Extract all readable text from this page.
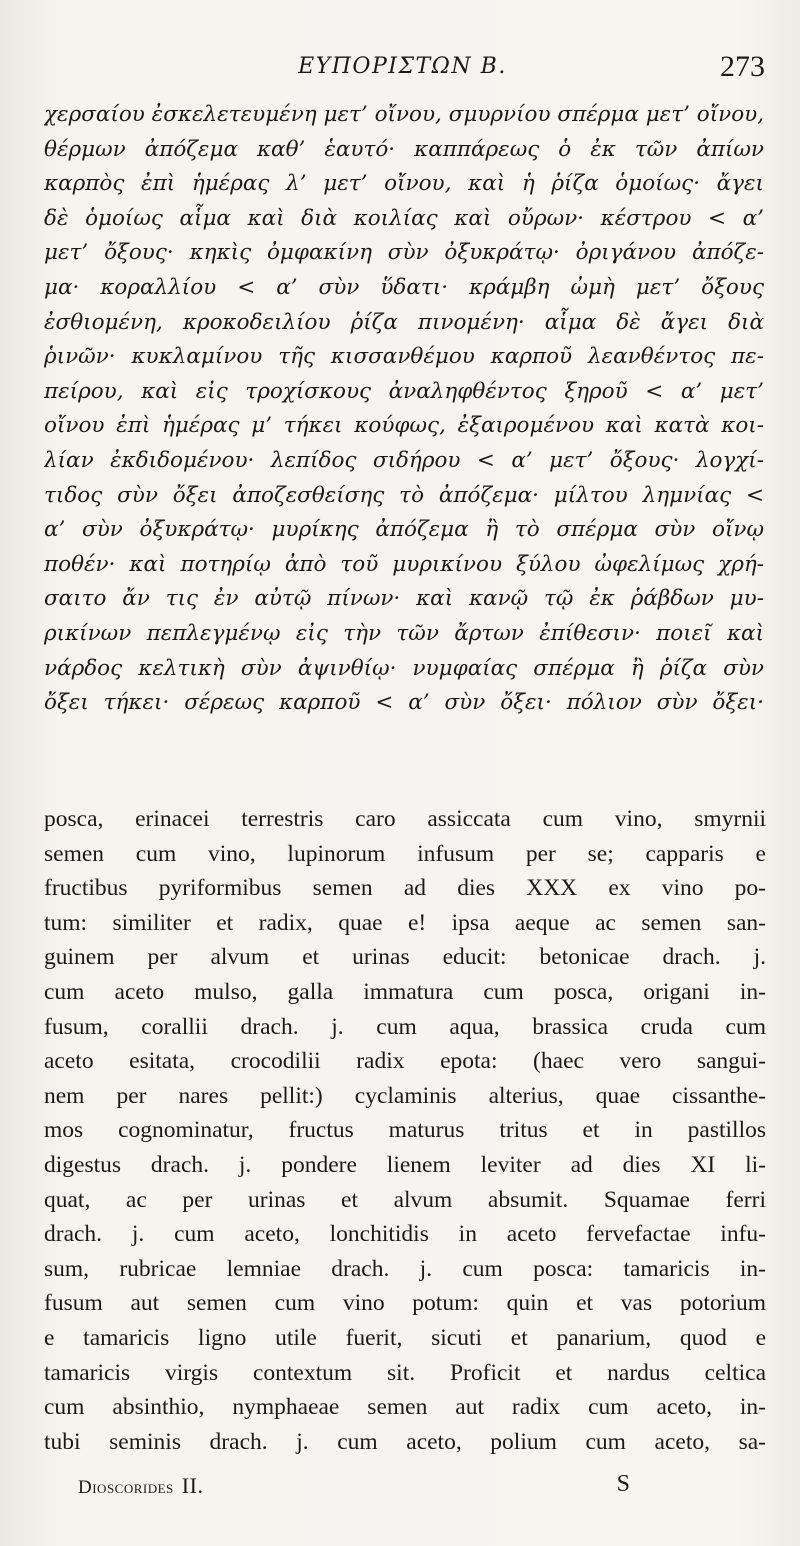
ΕΥΠΟΡΙΣΤΩΝ Β.	273
χερσαίου ἐσκελετευμένη μετ’ οἴνου, σμυρνίου σπέρμα μετ’ οἴνου,
θέρμων ἀπόζεμα καθ’ ἑαυτό· καππάρεως ὁ ἐκ τῶν ἀπίων
καρπὸς ἐπὶ ἡμέρας λ’ μετ’ οἴνου, καὶ ἡ ῥίζα ὁμοίως· ἄγει
δὲ ὁμοίως αἷμα καὶ διὰ κοιλίας καὶ οὔρων· κέστρου < α’
μετ’ ὄξους· κηκὶς ὀμφακίνη σὺν ὀξυκράτῳ· ὀριγάνου ἀπόζε-
μα· κοραλλίου < α’ σὺν ὕδατι· κράμβη ὠμὴ μετ’ ὄξους
ἐσθιομένη, κροκοδειλίου ῥίζα πινομένη· αἷμα δὲ ἄγει διὰ
ῥινῶν· κυκλαμίνου τῆς κισσανθέμου καρποῦ λεανθέντος πε-
πείρου, καὶ εἰς τροχίσκους ἀναληφθέντος ξηροῦ < α’ μετ’
οἴνου ἐπὶ ἡμέρας μ’ τήκει κούφως, ἐξαιρομένου καὶ κατὰ κοι-
λίαν ἐκδιδομένου· λεπίδος σιδήρου < α’ μετ’ ὄξους· λογχί-
τιδος σὺν ὄξει ἀποζεσθείσης τὸ ἀπόζεμα· μίλτου λημνίας <
α’ σὺν ὀξυκράτῳ· μυρίκης ἀπόζεμα ἢ τὸ σπέρμα σὺν οἴνῳ
ποθέν· καὶ ποτηρίῳ ἀπὸ τοῦ μυρικίνου ξύλου ὠφελίμως χρή-
σαιτο ἄν τις ἐν αὐτῷ πίνων· καὶ κανῷ τῷ ἐκ ῥάβδων μυ-
ρικίνων πεπλεγμένῳ εἰς τὴν τῶν ἄρτων ἐπίθεσιν· ποιεῖ καὶ
νάρδος κελτικὴ σὺν ἀψινθίῳ· νυμφαίας σπέρμα ἢ ῥίζα σὺν
ὄξει τήκει· σέρεως καρποῦ < α’ σὺν ὄξει· πόλιον σὺν ὄξει·
posca, erinacei terrestris caro assiccata cum vino, smyrnii
semen cum vino, lupinorum infusum per se; capparis e
fructibus pyriformibus semen ad dies XXX ex vino po-
tum: similiter et radix, quae e! ipsa aeque ac semen san-
guinem per alvum et urinas educit: betonicae drach. j.
cum aceto mulso, galla immatura cum posca, origani in-
fusum, corallii drach. j. cum aqua, brassica cruda cum
aceto esitata, crocodilii radix epota: (haec vero sangui-
nem per nares pellit:) cyclaminis alterius, quae cissanthe-
mos cognominatur, fructus maturus tritus et in pastillos
digestus drach. j. pondere lienem leviter ad dies XI li-
quat, ac per urinas et alvum absumit. Squamae ferri
drach. j. cum aceto, lonchitidis in aceto fervefactae infu-
sum, rubricae lemniae drach. j. cum posca: tamaricis in-
fusum aut semen cum vino potum: quin et vas potorium
e tamaricis ligno utile fuerit, sicuti et panarium, quod e
tamaricis virgis contextum sit. Proficit et nardus celtica
cum absinthio, nymphaeae semen aut radix cum aceto, in-
tubi seminis drach. j. cum aceto, polium cum aceto, sa-
Dioscorides II.	S
